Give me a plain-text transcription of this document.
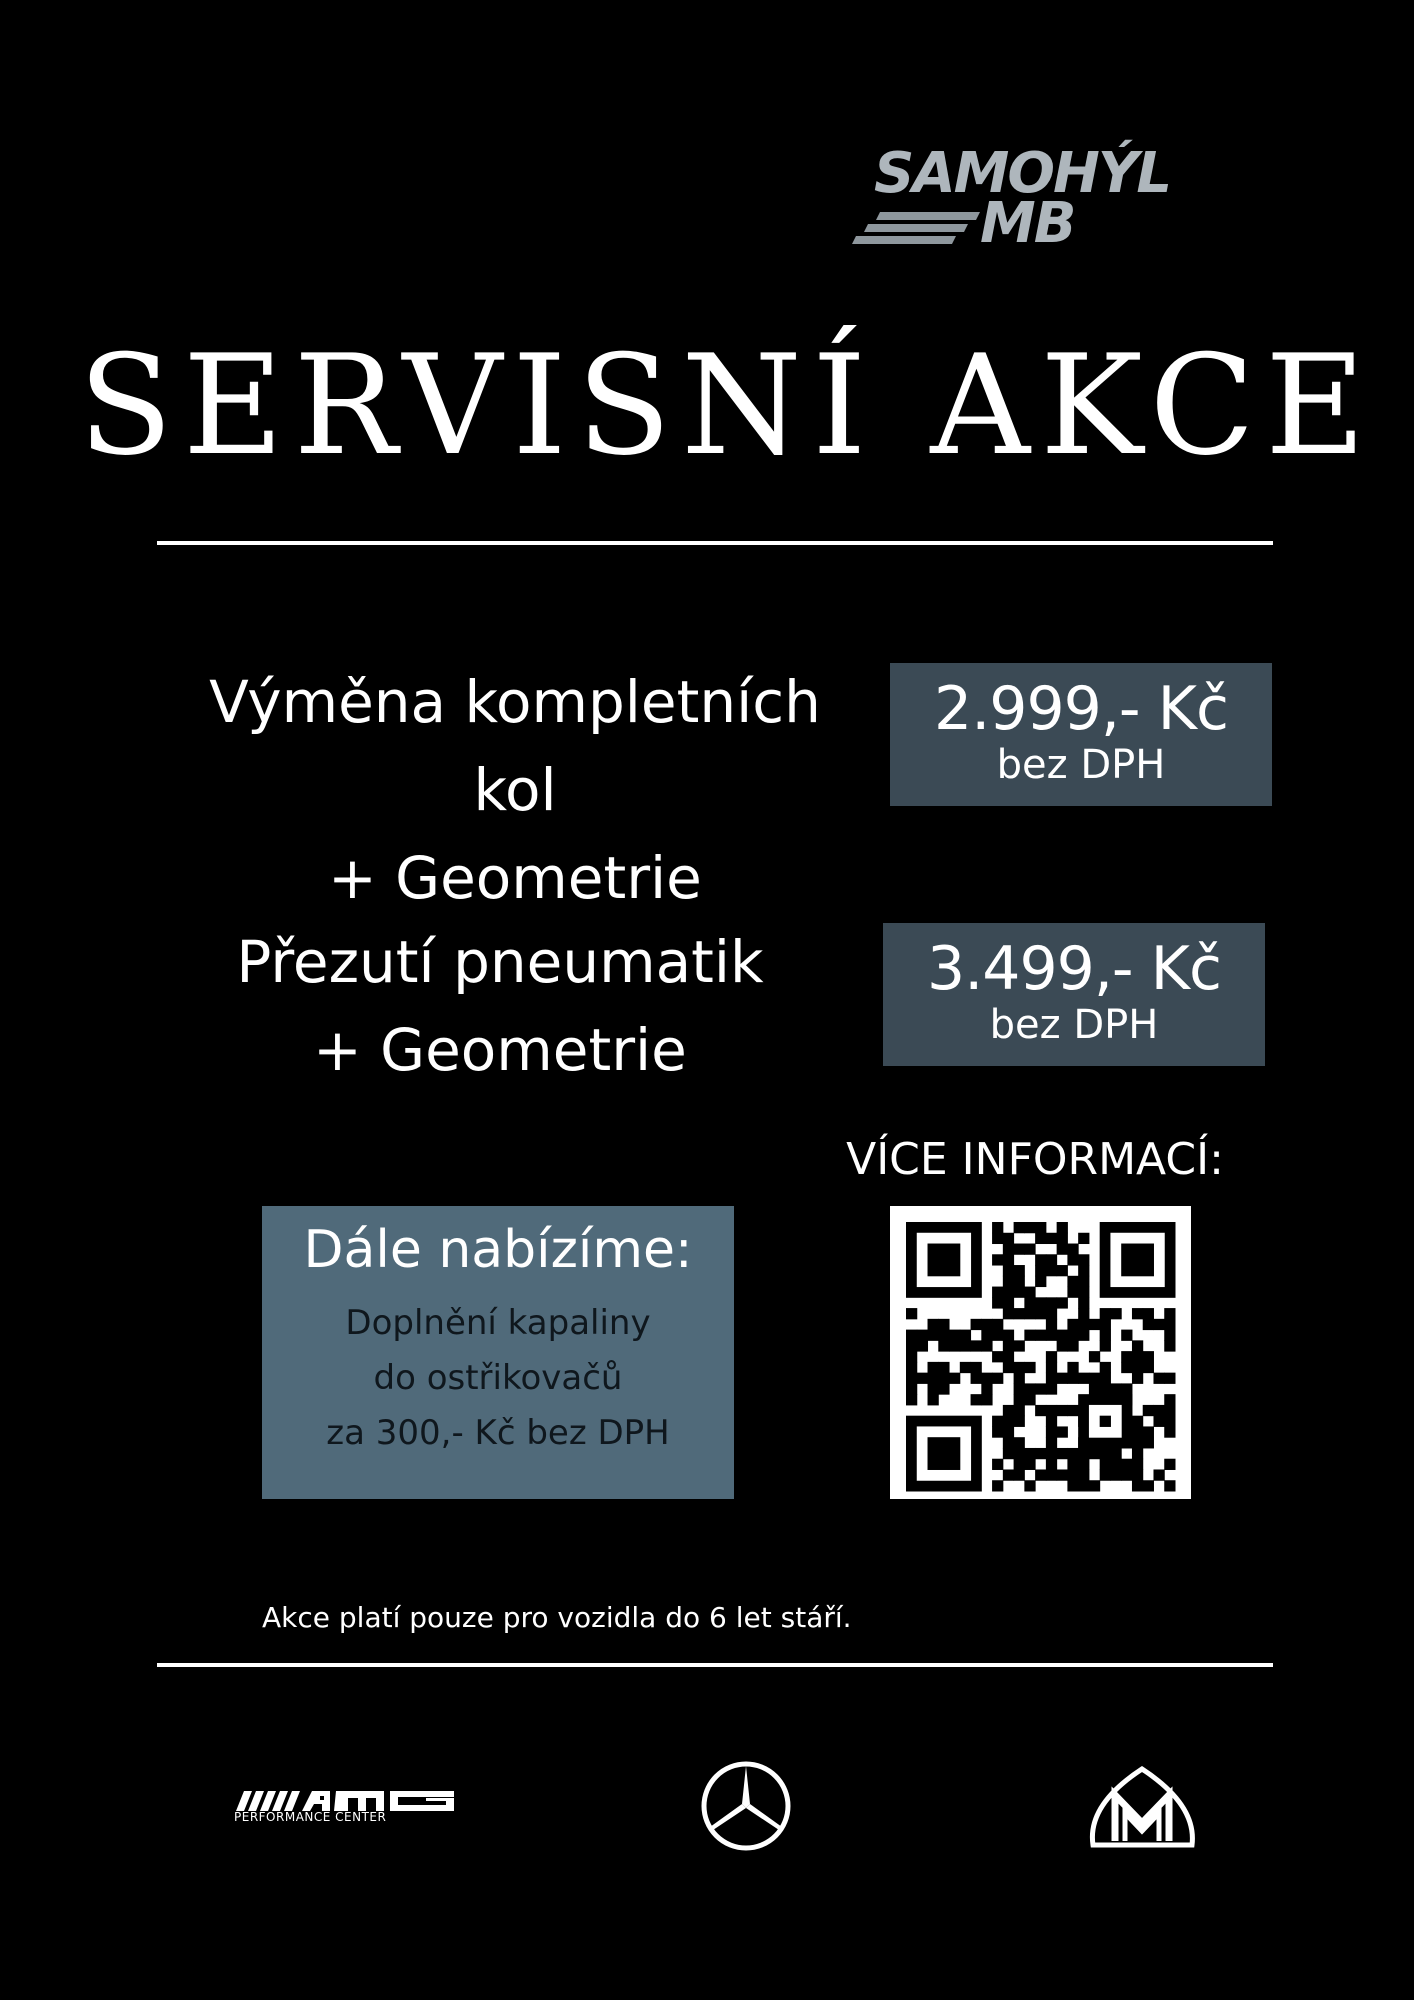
SAMOHÝL
MB
SERVISNÍ AKCE
Výměna kompletních kol
+ Geometrie
2.999,- Kč
bez DPH
Přezutí pneumatik
+ Geometrie
3.499,- Kč
bez DPH
VÍCE INFORMACÍ:
Dále nabízíme:
Doplnění kapaliny
do ostřikovačů
za 300,- Kč bez DPH
Akce platí pouze pro vozidla do 6 let stáří.
PERFORMANCE CENTER
